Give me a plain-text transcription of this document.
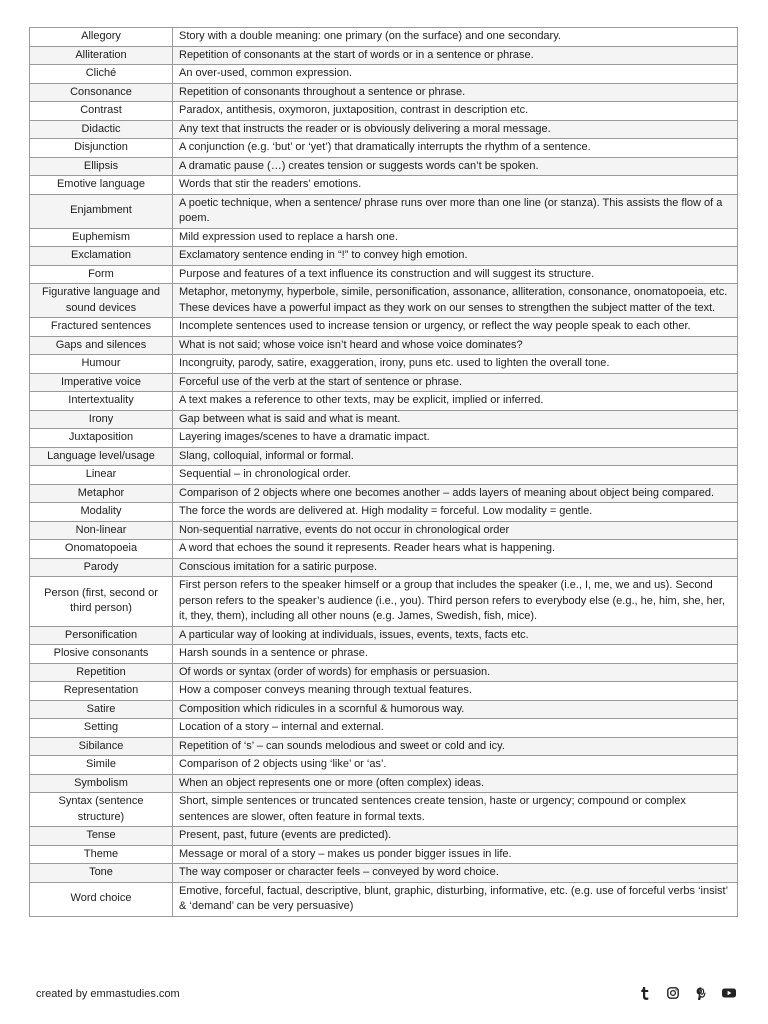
Allegory	Story with a double meaning: one primary (on the surface) and one secondary.
Alliteration	Repetition of consonants at the start of words or in a sentence or phrase.
Cliché	An over-used, common expression.
Consonance	Repetition of consonants throughout a sentence or phrase.
Contrast	Paradox, antithesis, oxymoron, juxtaposition, contrast in description etc.
Didactic	Any text that instructs the reader or is obviously delivering a moral message.
Disjunction	A conjunction (e.g. ‘but’ or ‘yet’) that dramatically interrupts the rhythm of a sentence.
Ellipsis	A dramatic pause (…) creates tension or suggests words can’t be spoken.
Emotive language	Words that stir the readers’ emotions.
Enjambment	A poetic technique, when a sentence/ phrase runs over more than one line (or stanza). This assists the flow of a poem.
Euphemism	Mild expression used to replace a harsh one.
Exclamation	Exclamatory sentence ending in “!” to convey high emotion.
Form	Purpose and features of a text influence its construction and will suggest its structure.
Figurative language and sound devices	Metaphor, metonymy, hyperbole, simile, personification, assonance, alliteration, consonance, onomatopoeia, etc. These devices have a powerful impact as they work on our senses to strengthen the subject matter of the text.
Fractured sentences	Incomplete sentences used to increase tension or urgency, or reflect the way people speak to each other.
Gaps and silences	What is not said; whose voice isn’t heard and whose voice dominates?
Humour	Incongruity, parody, satire, exaggeration, irony, puns etc. used to lighten the overall tone.
Imperative voice	Forceful use of the verb at the start of sentence or phrase.
Intertextuality	A text makes a reference to other texts, may be explicit, implied or inferred.
Irony	Gap between what is said and what is meant.
Juxtaposition	Layering images/scenes to have a dramatic impact.
Language level/usage	Slang, colloquial, informal or formal.
Linear	Sequential – in chronological order.
Metaphor	Comparison of 2 objects where one becomes another – adds layers of meaning about object being compared.
Modality	The force the words are delivered at. High modality = forceful. Low modality = gentle.
Non-linear	Non-sequential narrative, events do not occur in chronological order
Onomatopoeia	A word that echoes the sound it represents. Reader hears what is happening.
Parody	Conscious imitation for a satiric purpose.
Person (first, second or third person)	First person refers to the speaker himself or a group that includes the speaker (i.e., I, me, we and us). Second person refers to the speaker’s audience (i.e., you). Third person refers to everybody else (e.g., he, him, she, her, it, they, them), including all other nouns (e.g. James, Swedish, fish, mice).
Personification	A particular way of looking at individuals, issues, events, texts, facts etc.
Plosive consonants	Harsh sounds in a sentence or phrase.
Repetition	Of words or syntax (order of words) for emphasis or persuasion.
Representation	How a composer conveys meaning through textual features.
Satire	Composition which ridicules in a scornful & humorous way.
Setting	Location of a story – internal and external.
Sibilance	Repetition of ‘s’ – can sounds melodious and sweet or cold and icy.
Simile	Comparison of 2 objects using ‘like’ or ‘as’.
Symbolism	When an object represents one or more (often complex) ideas.
Syntax (sentence structure)	Short, simple sentences or truncated sentences create tension, haste or urgency; compound or complex sentences are slower, often feature in formal texts.
Tense	Present, past, future (events are predicted).
Theme	Message or moral of a story – makes us ponder bigger issues in life.
Tone	The way composer or character feels – conveyed by word choice.
Word choice	Emotive, forceful, factual, descriptive, blunt, graphic, disturbing, informative, etc. (e.g. use of forceful verbs ‘insist’ & ‘demand’ can be very persuasive)
created by emmastudies.com
